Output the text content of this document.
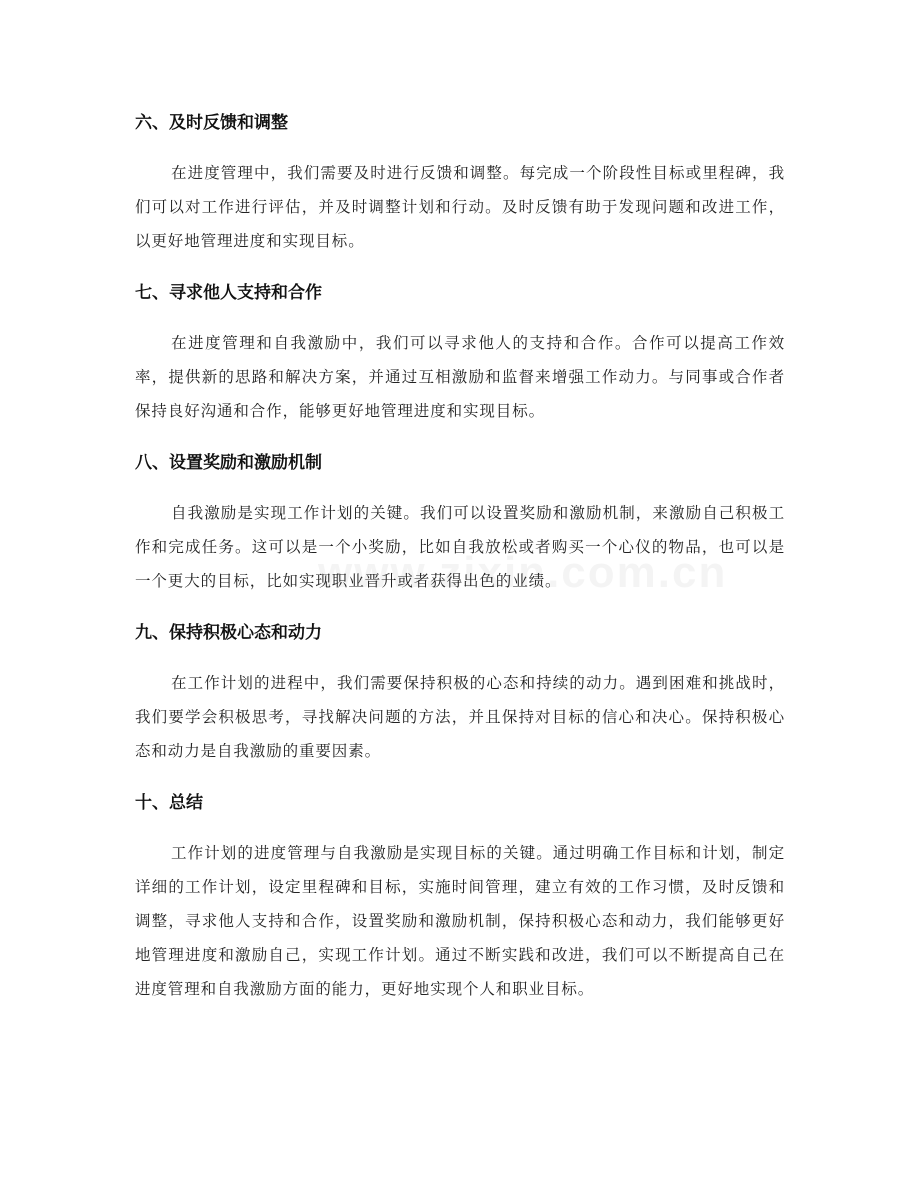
六、及时反馈和调整

在进度管理中，我们需要及时进行反馈和调整。每完成一个阶段性目标或里程碑，我们可以对工作进行评估，并及时调整计划和行动。及时反馈有助于发现问题和改进工作，以更好地管理进度和实现目标。

七、寻求他人支持和合作

在进度管理和自我激励中，我们可以寻求他人的支持和合作。合作可以提高工作效率，提供新的思路和解决方案，并通过互相激励和监督来增强工作动力。与同事或合作者保持良好沟通和合作，能够更好地管理进度和实现目标。

八、设置奖励和激励机制

自我激励是实现工作计划的关键。我们可以设置奖励和激励机制，来激励自己积极工作和完成任务。这可以是一个小奖励，比如自我放松或者购买一个心仪的物品，也可以是一个更大的目标，比如实现职业晋升或者获得出色的业绩。

九、保持积极心态和动力

在工作计划的进程中，我们需要保持积极的心态和持续的动力。遇到困难和挑战时，我们要学会积极思考，寻找解决问题的方法，并且保持对目标的信心和决心。保持积极心态和动力是自我激励的重要因素。

十、总结

工作计划的进度管理与自我激励是实现目标的关键。通过明确工作目标和计划，制定详细的工作计划，设定里程碑和目标，实施时间管理，建立有效的工作习惯，及时反馈和调整，寻求他人支持和合作，设置奖励和激励机制，保持积极心态和动力，我们能够更好地管理进度和激励自己，实现工作计划。通过不断实践和改进，我们可以不断提高自己在进度管理和自我激励方面的能力，更好地实现个人和职业目标。
